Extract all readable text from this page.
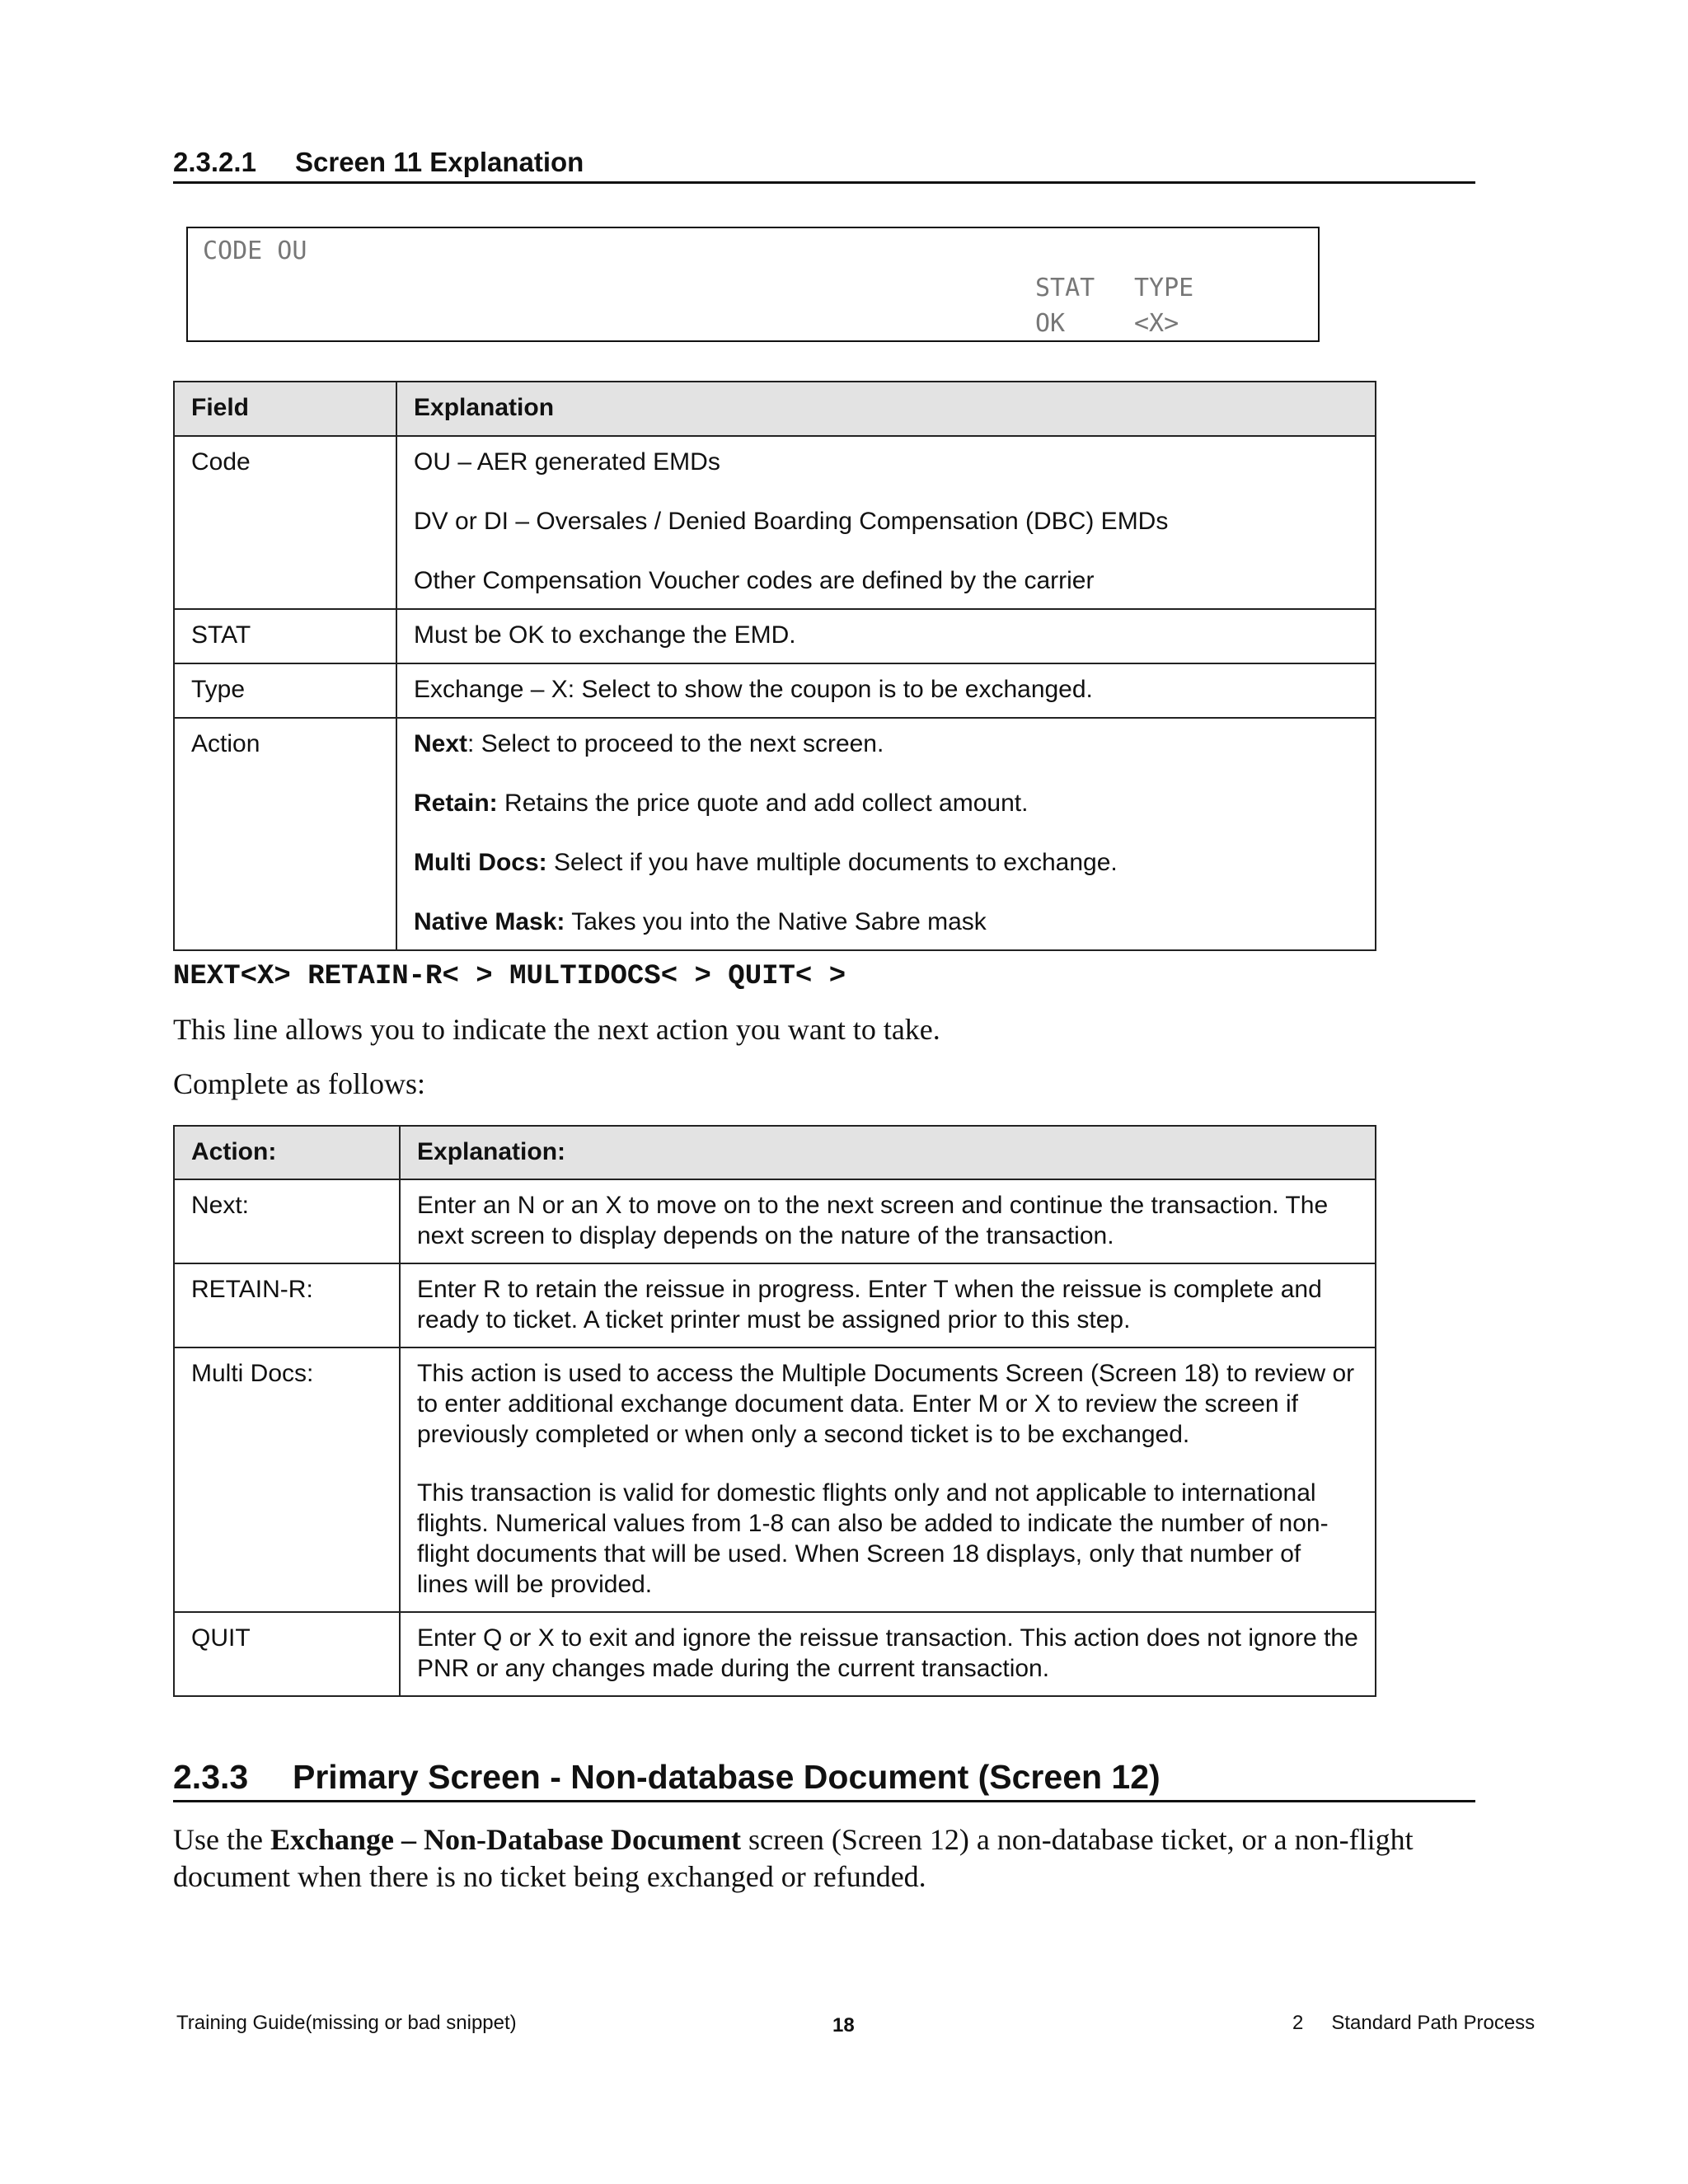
2.3.2.1 Screen 11 Explanation
CODE OU
STAT TYPE
OK	<X>
Field	Explanation
Code	OU – AER generated EMDs

DV or DI – Oversales / Denied Boarding Compensation (DBC) EMDs

Other Compensation Voucher codes are defined by the carrier

STAT	Must be OK to exchange the EMD.

Type	Exchange – X: Select to show the coupon is to be exchanged.

Action	Next: Select to proceed to the next screen.

Retain: Retains the price quote and add collect amount.

Multi Docs: Select if you have multiple documents to exchange.

Native Mask: Takes you into the Native Sabre mask

NEXT<X> RETAIN-R< > MULTIDOCS< > QUIT< >
This line allows you to indicate the next action you want to take.
Complete as follows:
Action:	Explanation:
Next:	Enter an N or an X to move on to the next screen and continue the transaction. The next screen to display depends on the nature of the transaction.

RETAIN-R:	Enter R to retain the reissue in progress. Enter T when the reissue is complete and ready to ticket. A ticket printer must be assigned prior to this step.

Multi Docs:	This action is used to access the Multiple Documents Screen (Screen 18) to review or to enter additional exchange document data. Enter M or X to review the screen if previously completed or when only a second ticket is to be exchanged.

This transaction is valid for domestic flights only and not applicable to international flights. Numerical values from 1-8 can also be added to indicate the number of non-flight documents that will be used. When Screen 18 displays, only that number of lines will be provided.

QUIT	Enter Q or X to exit and ignore the reissue transaction. This action does not ignore the PNR or any changes made during the current transaction.

2.3.3 Primary Screen - Non-database Document (Screen 12)
Use the Exchange – Non-Database Document screen (Screen 12) a non-database ticket, or a non-flight document when there is no ticket being exchanged or refunded.
Training Guide(missing or bad snippet)	18	2 Standard Path Process
